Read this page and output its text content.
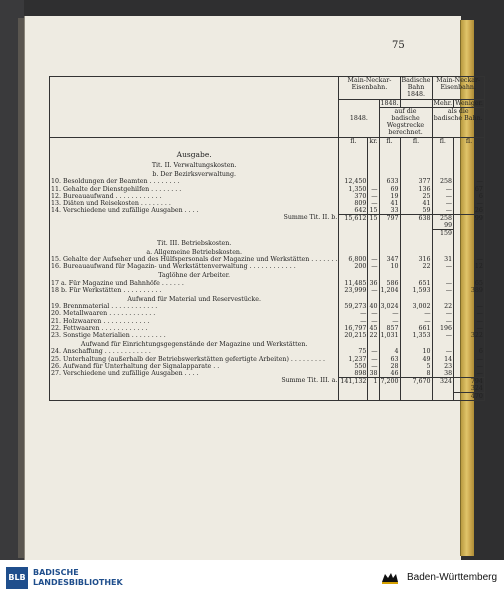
75
	Main-Neckar-Eisenbahn.			Badische Bahn 1848.	Main-Neckar-Eisenbahn.	
	1848.		1848.		Mehr.	Weniger.
			auf die badische Wegstrecke berechnet.		als die badische Bahn.	
	fl.	kr.	fl.	fl.	fl.	fl.
Ausgabe.						
Tit. II. Verwaltungskosten.						
b. Der Bezirksverwaltung.						
10. Besoldungen der Beamten . . . . . . . .	12,450		633	377	258	—
11. Gehalte der Dienstgehilfen . . . . . . . .	1,350	—	69	136	—	67
12. Bureauaufwand . . . . . . . . . . . .	370	—	19	25	—	6
13. Diäten und Reisekosten . . . . . . . .	809	—	41	41	—	—
14. Verschiedene und zufällige Ausgaben . . . .	642	15	33	59	—	26

Summe Tit. II. b.	15,612	15	797	638	258	99
					99	
					159	
Tit. III. Betriebskosten.						
a. Allgemeine Betriebskosten.						
15. Gehalte der Aufseher und des Hülfspersonals der Magazine und Werkstätten . . . . . . .	6,800	—	347	316	31	—
16. Bureauaufwand für Magazin- und Werkstättenverwaltung . . . . . . . . . . . .	200	—	10	22	—	12

Taglöhne der Arbeiter.						
17 a. Für Magazine und Bahnhöfe . . . . . .	11,485	36	586	651	—	65
18 b. Für Werkstätten . . . . . . . . . .	23,999	—	1,204	1,593	—	389

Aufwand für Material und Reservestücke.						
19. Brennmaterial . . . . . . . . . . . .	59,273	40	3,024	3,002	22	—
20. Metallwaaren . . . . . . . . . . . .	—	—	—	—	—	—
21. Holzwaaren . . . . . . . . . . . .	—	—	—	—	—	—
22. Fettwaaren . . . . . . . . . . . .	16,797	45	857	661	196	—
23. Sonstige Materialien . . . . . . . . .	20,215	22	1,031	1,353	—	322

Aufwand für Einrichtungsgegenstände der Magazine und Werkstätten.						
24. Anschaffung . . . . . . . . . . . .	75	—	4	10	—	6
25. Unterhaltung (außerhalb der Betriebswerkstätten gefertigte Arbeiten) . . . . . . . . .	1,237	—	63	49	14	—
26. Aufwand für Unterhaltung der Signalapparate . .	550	—	28	5	23	—
27. Verschiedene und zufällige Ausgaben . . . .	898	38	46	8	38	—

Summe Tit. III. a.	141,132	1	7,200	7,670	324	794
						324
						470
BLB
BADISCHE
LANDESBIBLIOTHEK	Baden-Württemberg
